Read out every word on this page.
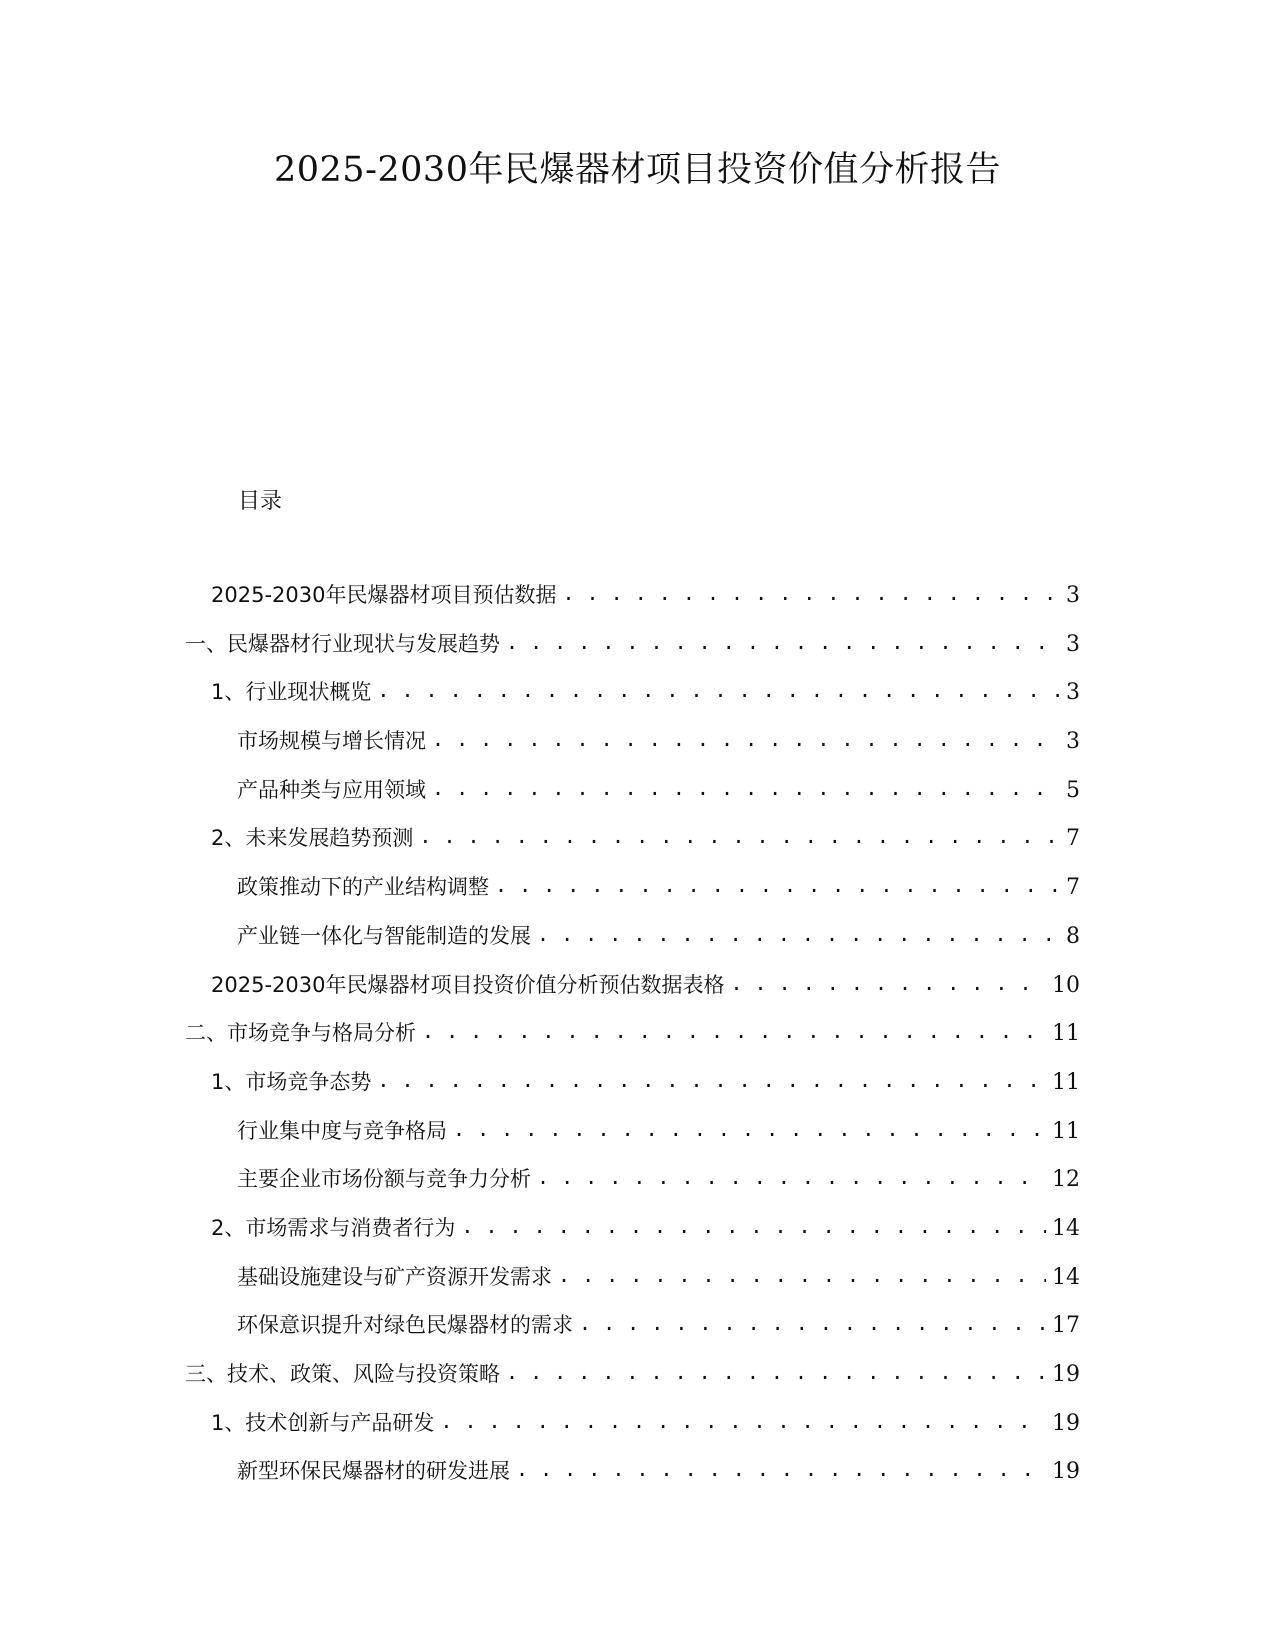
2025-2030年民爆器材项目投资价值分析报告
目录
2025-2030年民爆器材项目预估数据 . . .	3
一、民爆器材行业现状与发展趋势 . . .	3
1、行业现状概览 . . .	3
市场规模与增长情况 . . .	3
产品种类与应用领域 . . .	5
2、未来发展趋势预测 . . .	7
政策推动下的产业结构调整 . . .	7
产业链一体化与智能制造的发展 . . .	8
2025-2030年民爆器材项目投资价值分析预估数据表格 . . .	10
二、市场竞争与格局分析 . . .	11
1、市场竞争态势 . . .	11
行业集中度与竞争格局 . . .	11
主要企业市场份额与竞争力分析 . . .	12
2、市场需求与消费者行为 . . .	14
基础设施建设与矿产资源开发需求 . . .	14
环保意识提升对绿色民爆器材的需求 . . .	17
三、技术、政策、风险与投资策略 . . .	19
1、技术创新与产品研发 . . .	19
新型环保民爆器材的研发进展 . . .	19
